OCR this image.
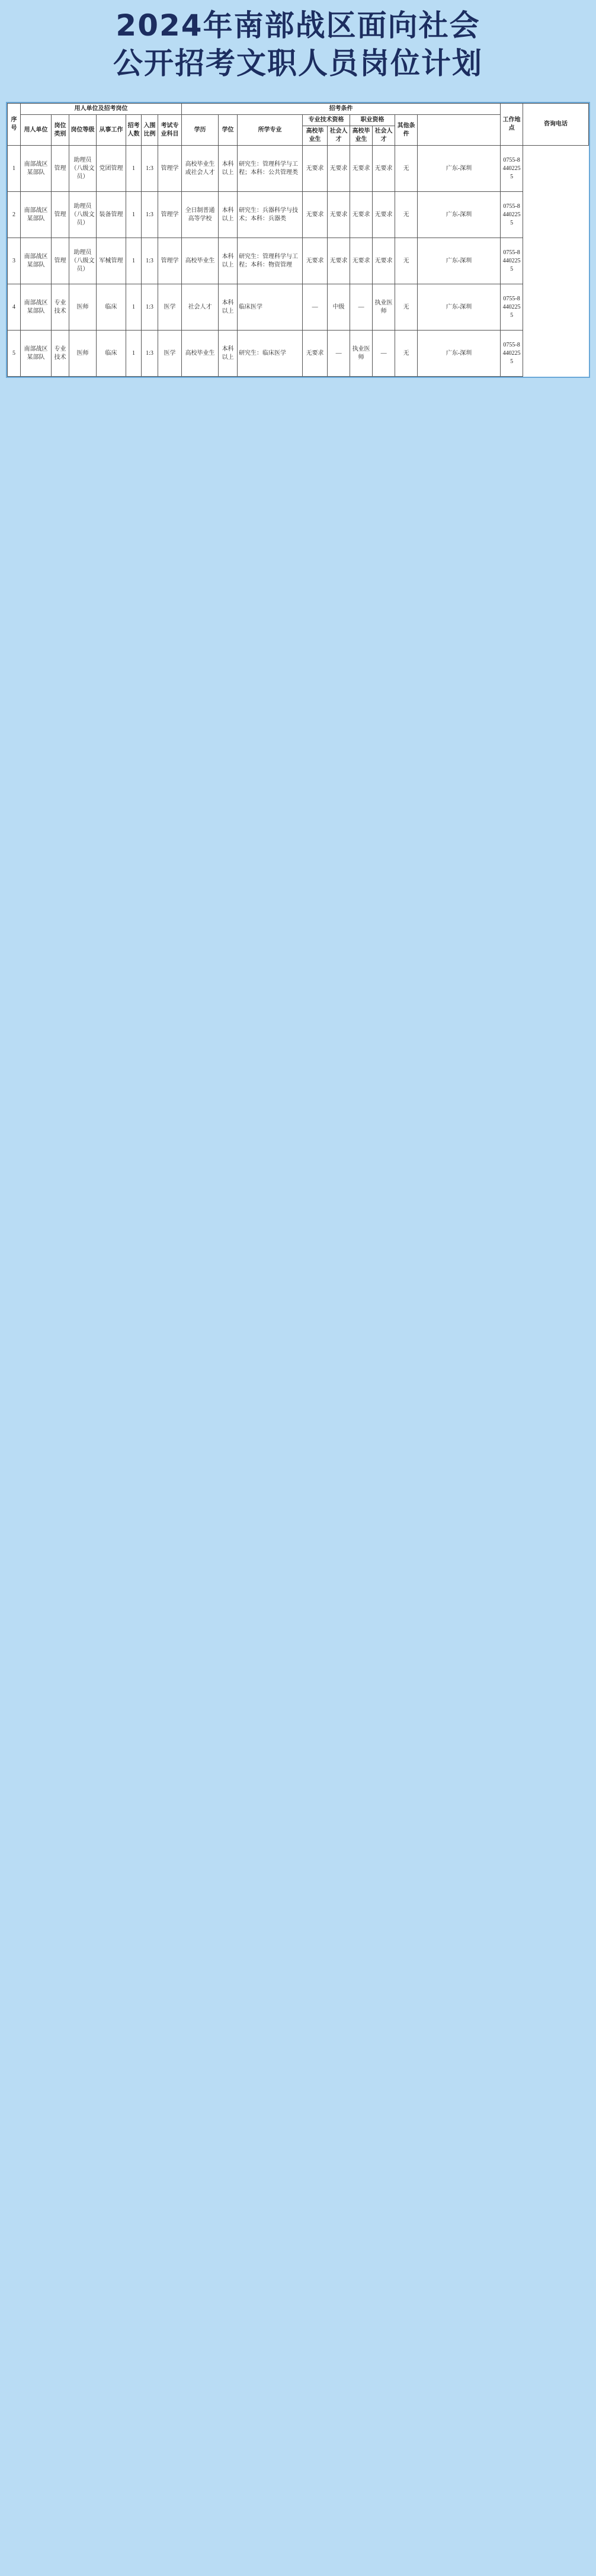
2024年南部战区面向社会
公开招考文职人员岗位计划
序号	用人单位及招考岗位							招考条件									工作地点	咨询电话
	用人单位	岗位类别	岗位等级	从事工作	招考人数	入围比例	考试专业科目	学历	学位	所学专业	专业技术资格		职业资格		其他条件			
											高校毕业生	社会人才	高校毕业生	社会人才				
1	南部战区某部队	管理	助理员（八级文员）	党团管理	1	1:3	管理学	高校毕业生或社会人才	本科以上	研究生：管理科学与工程；本科：公共管理类	无要求	无要求	无要求	无要求	无	广东-深圳	0755-84402255	
2	南部战区某部队	管理	助理员（八级文员）	装备管理	1	1:3	管理学	全日制普通高等学校	本科以上	研究生：兵器科学与技术；本科：兵器类	无要求	无要求	无要求	无要求	无	广东-深圳	0755-84402255	
3	南部战区某部队	管理	助理员（八级文员）	军械管理	1	1:3	管理学	高校毕业生	本科以上	研究生：管理科学与工程；本科：物资管理	无要求	无要求	无要求	无要求	无	广东-深圳	0755-84402255	
4	南部战区某部队	专业技术	医师	临床	1	1:3	医学	社会人才	本科以上	临床医学	—	中级	—	执业医师	无	广东-深圳	0755-84402255	
5	南部战区某部队	专业技术	医师	临床	1	1:3	医学	高校毕业生	本科以上	研究生：临床医学	无要求	—	执业医师	—	无	广东-深圳	0755-84402255	
